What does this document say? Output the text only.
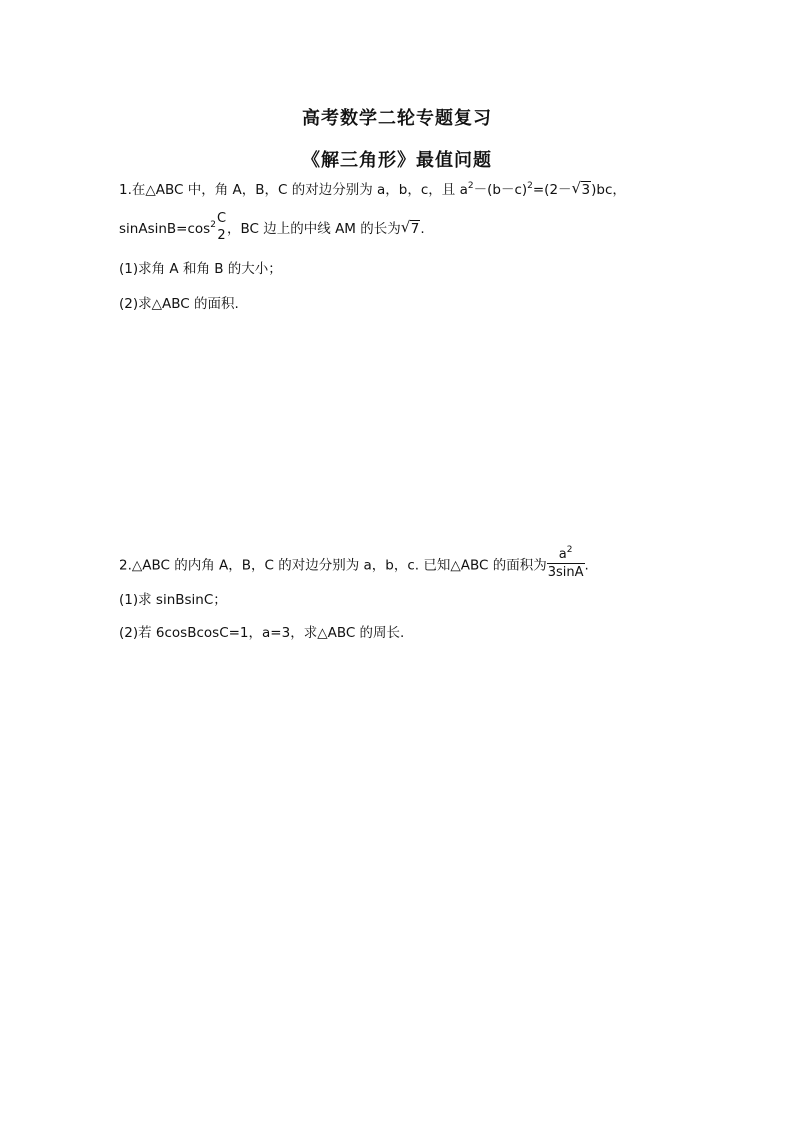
高考数学二轮专题复习
《解三角形》最值问题
1.在△ABC 中，角 A，B，C 的对边分别为 a，b，c，且 $a^2-(b-c)^2=(2-$ √ 3)bc，
$sinAsinB=\cos^2$ C
2 ，BC 边上的中线 AM 的长为 √ 7.
(1)求角 A 和角 B 的大小；
(2)求△ABC 的面积.
2.△ABC 的内角 A，B，C 的对边分别为 a，b，c. 已知△ABC 的面积为 $\frac{a^2}{3\sin A}$ .
(1)求 sinBsinC；
(2)若 6cosBcosC=1，a=3，求△ABC 的周长.
